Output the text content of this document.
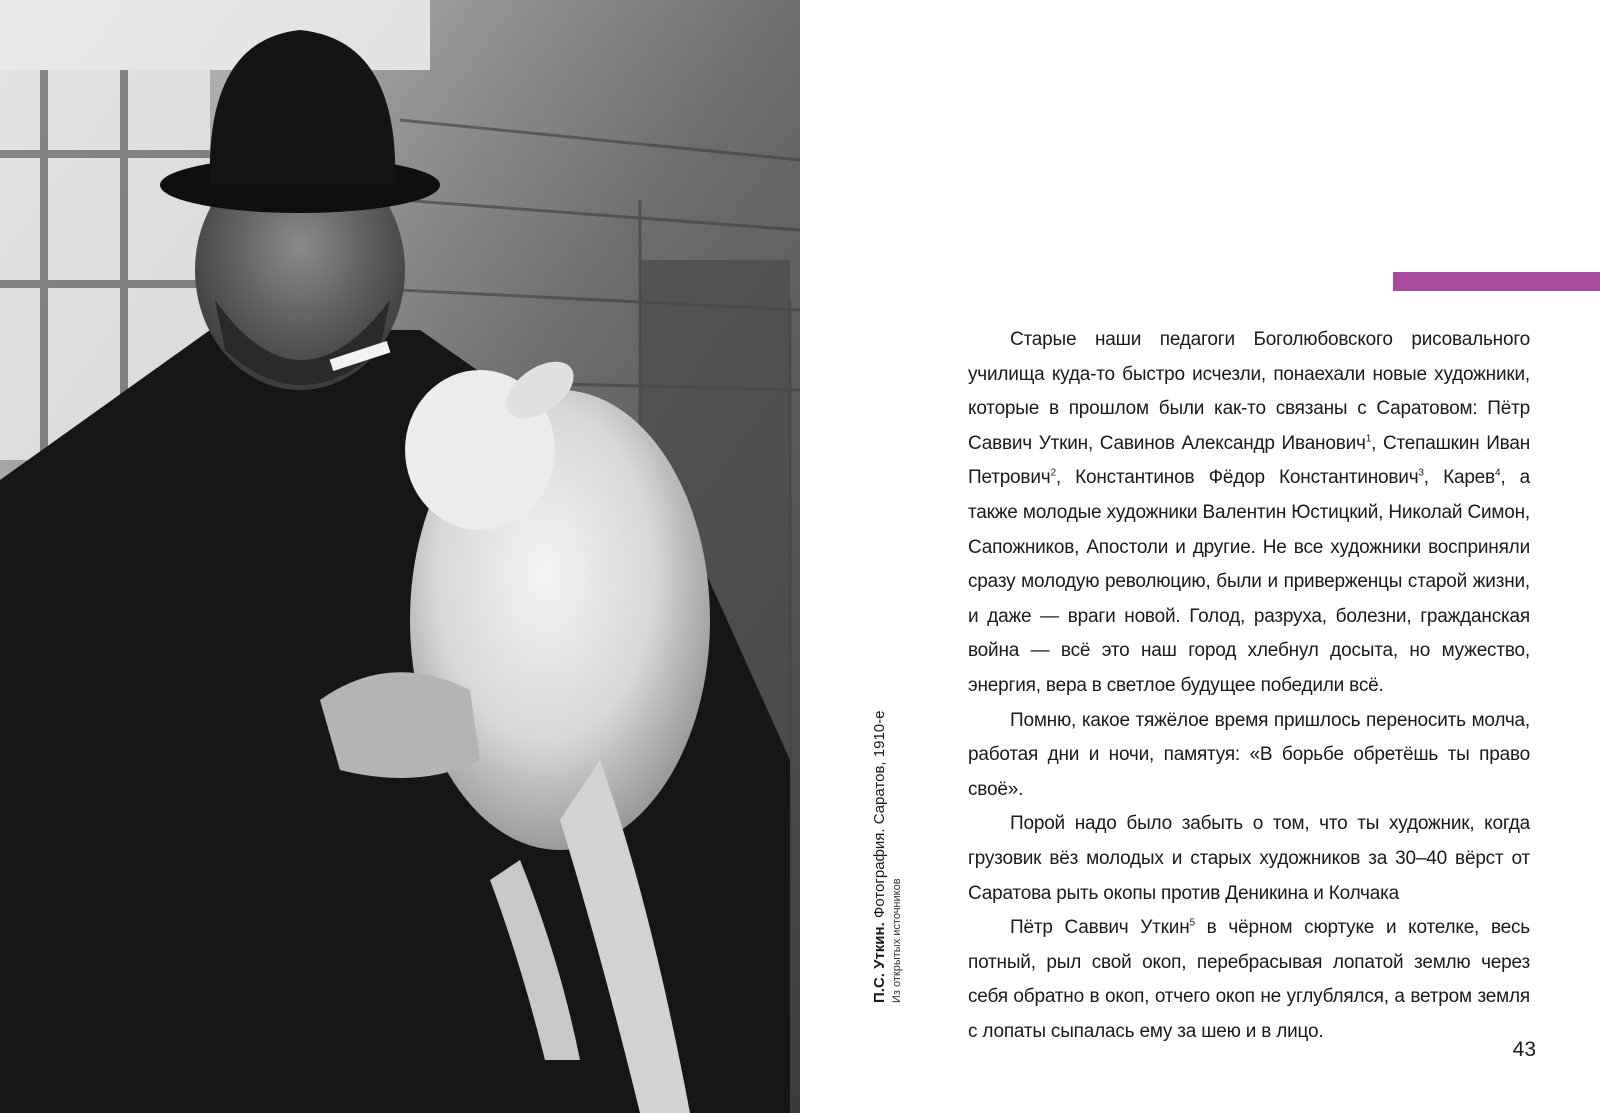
П.С. Уткин. Фотография. Саратов, 1910-е
Из открытых источников

Старые наши педагоги Боголюбовского рисовального училища куда-то быстро исчезли, понаехали новые художники, которые в прошлом были как-то связаны с Саратовом: Пётр Саввич Уткин, Савинов Александр Иванович$^1$, Степашкин Иван Петрович$^2$, Константинов Фёдор Константинович$^3$, Карев$^4$, а также молодые художники Валентин Юстицкий, Николай Симон, Сапожников, Апостоли и другие. Не все художники восприняли сразу молодую революцию, были и приверженцы старой жизни, и даже — враги новой. Голод, разруха, болезни, гражданская война — всё это наш город хлебнул досыта, но мужество, энергия, вера в светлое будущее победили всё.

Помню, какое тяжёлое время пришлось переносить молча, работая дни и ночи, памятуя: «В борьбе обретёшь ты право своё».

Порой надо было забыть о том, что ты художник, когда грузовик вёз молодых и старых художников за 30–40 вёрст от Саратова рыть окопы против Деникина и Колчака

Пётр Саввич Уткин$^5$ в чёрном сюртуке и котелке, весь потный, рыл свой окоп, перебрасывая лопатой землю через себя обратно в окоп, отчего окоп не углублялся, а ветром земля с лопаты сыпалась ему за шею и в лицо.

43
